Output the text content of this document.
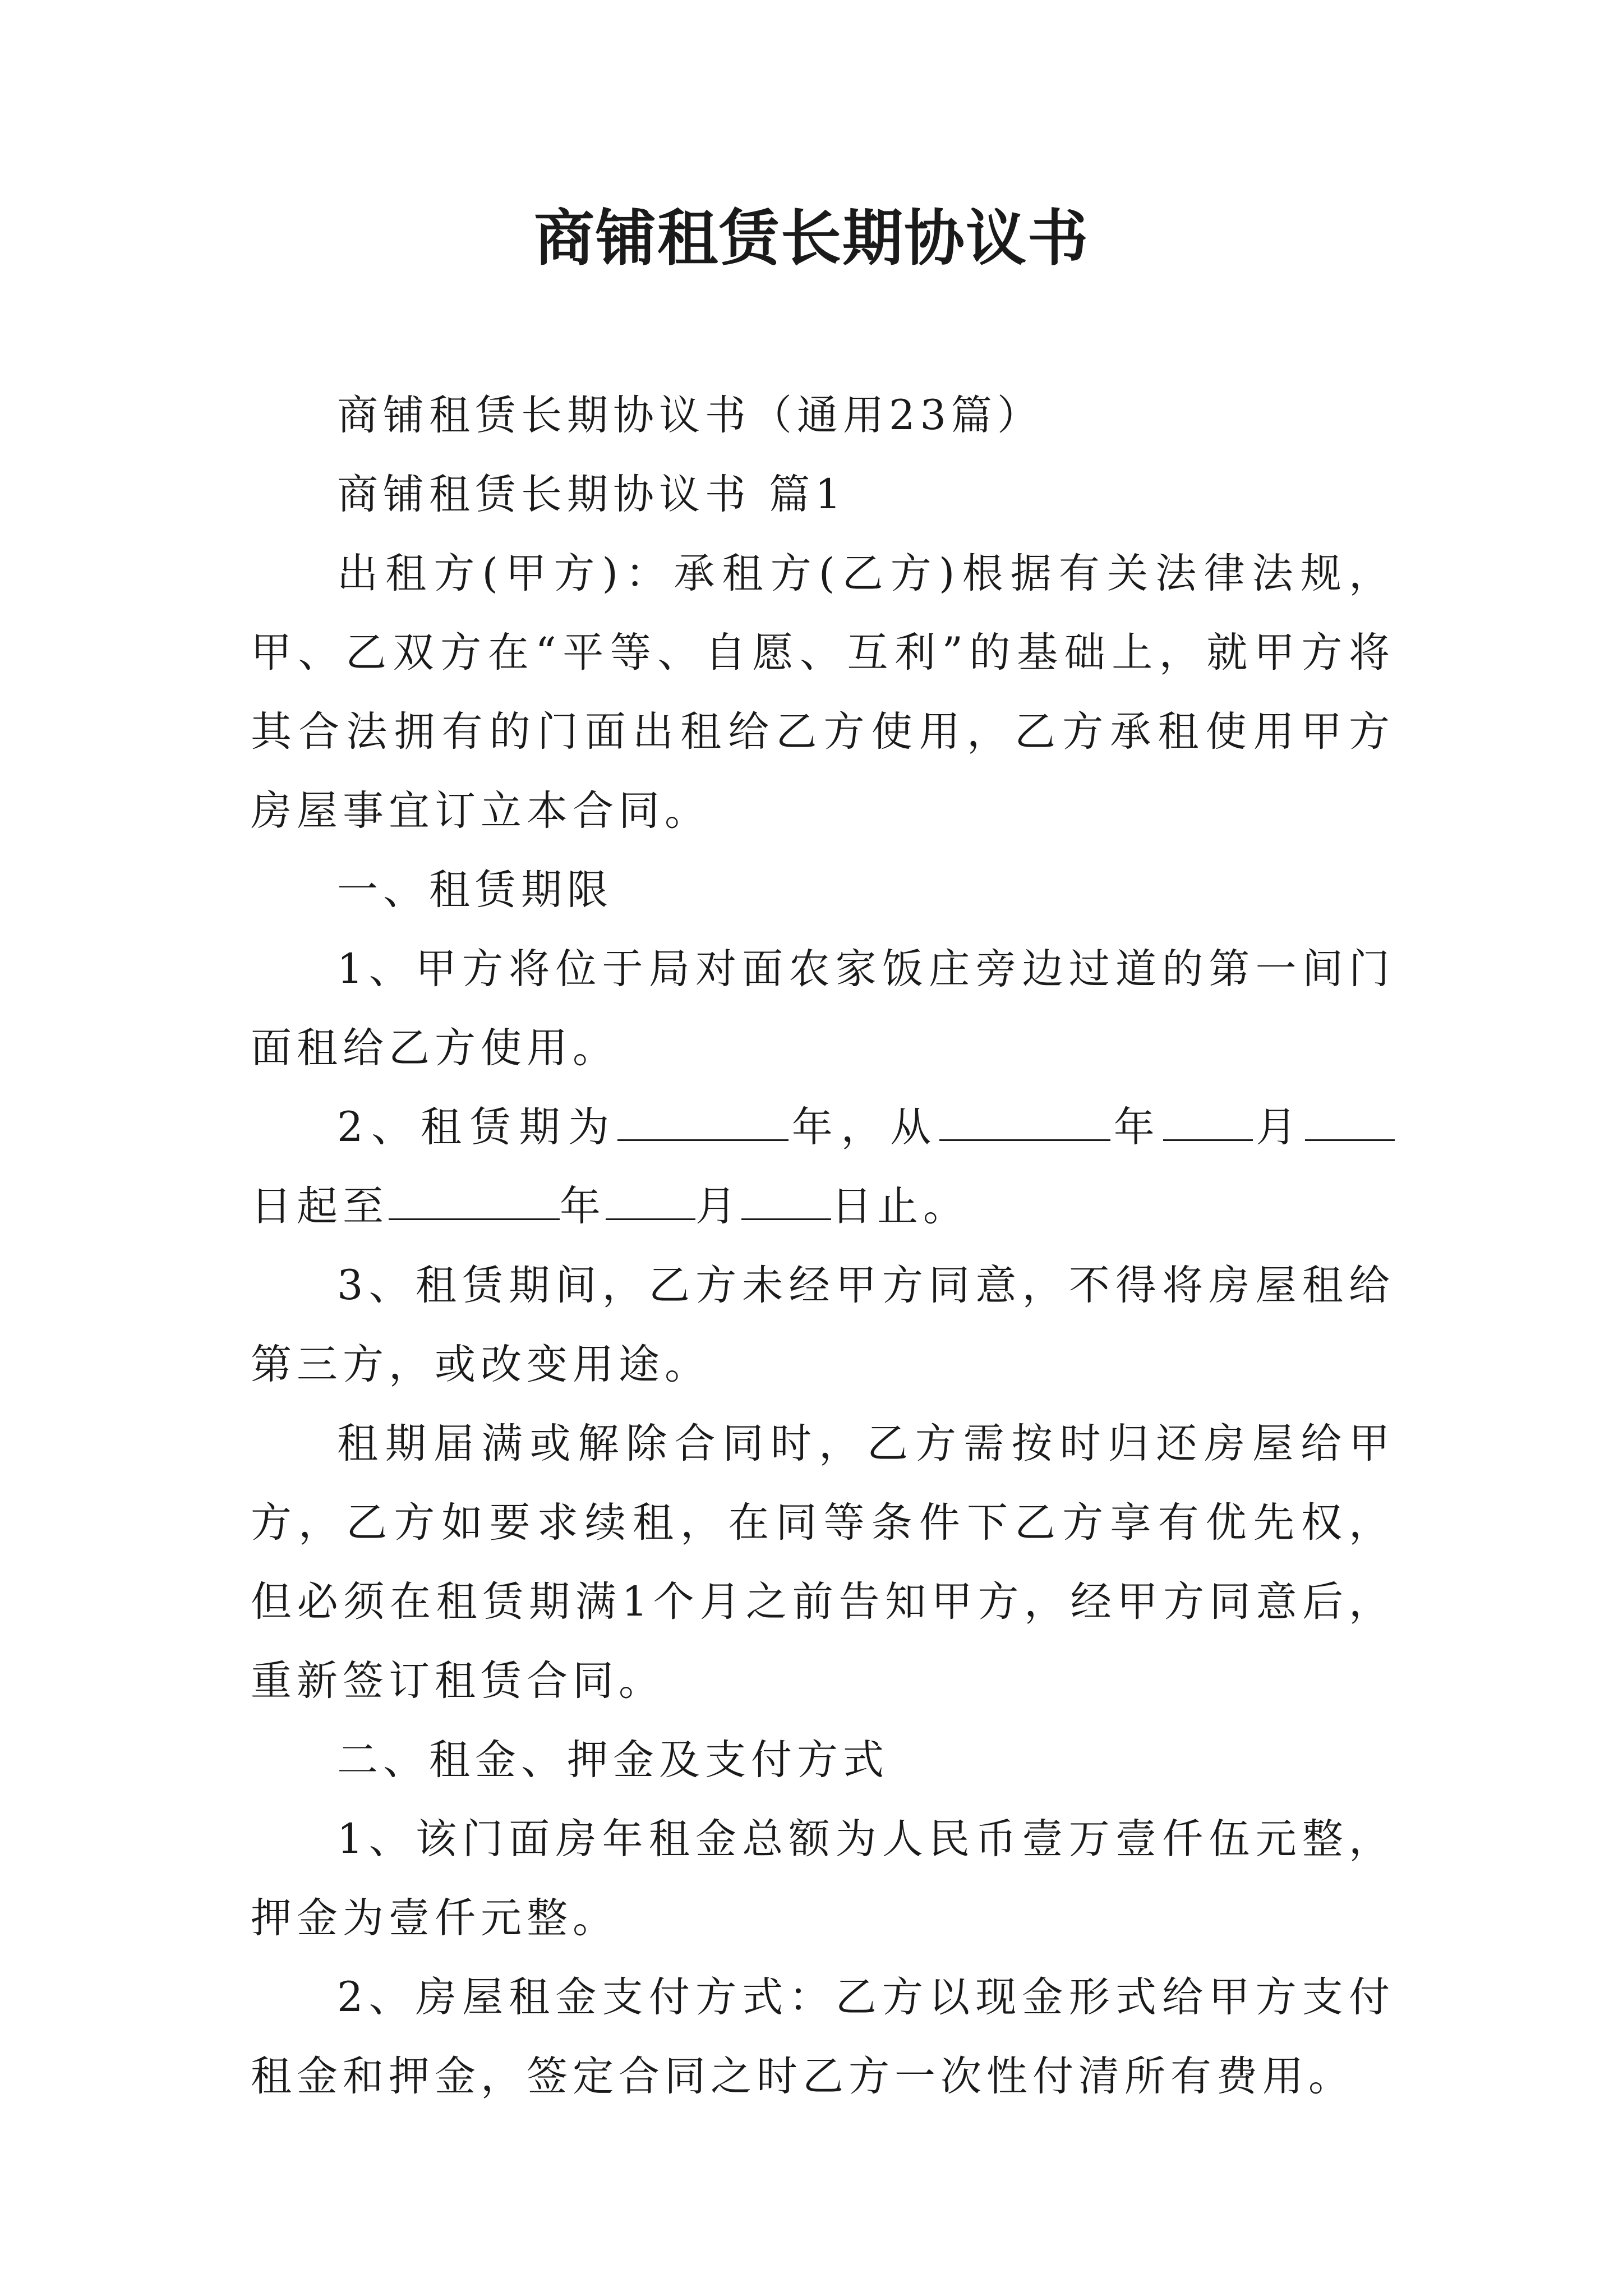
商铺租赁长期协议书

商铺租赁长期协议书（通用23篇）

商铺租赁长期协议书 篇1

出租方(甲方)：承租方(乙方)根据有关法律法规，甲、乙双方在“平等、自愿、互利”的基础上，就甲方将其合法拥有的门面出租给乙方使用，乙方承租使用甲方房屋事宜订立本合同。

一、租赁期限

1、甲方将位于局对面农家饭庄旁边过道的第一间门面租给乙方使用。

2、租赁期为	年，从	年 月日起至	年 月 日止。

3、租赁期间，乙方未经甲方同意，不得将房屋租给第三方，或改变用途。

租期届满或解除合同时，乙方需按时归还房屋给甲方，乙方如要求续租，在同等条件下乙方享有优先权，但必须在租赁期满1个月之前告知甲方，经甲方同意后，重新签订租赁合同。

二、租金、押金及支付方式

1、该门面房年租金总额为人民币壹万壹仟伍元整，押金为壹仟元整。

2、房屋租金支付方式：乙方以现金形式给甲方支付租金和押金，签定合同之时乙方一次性付清所有费用。
